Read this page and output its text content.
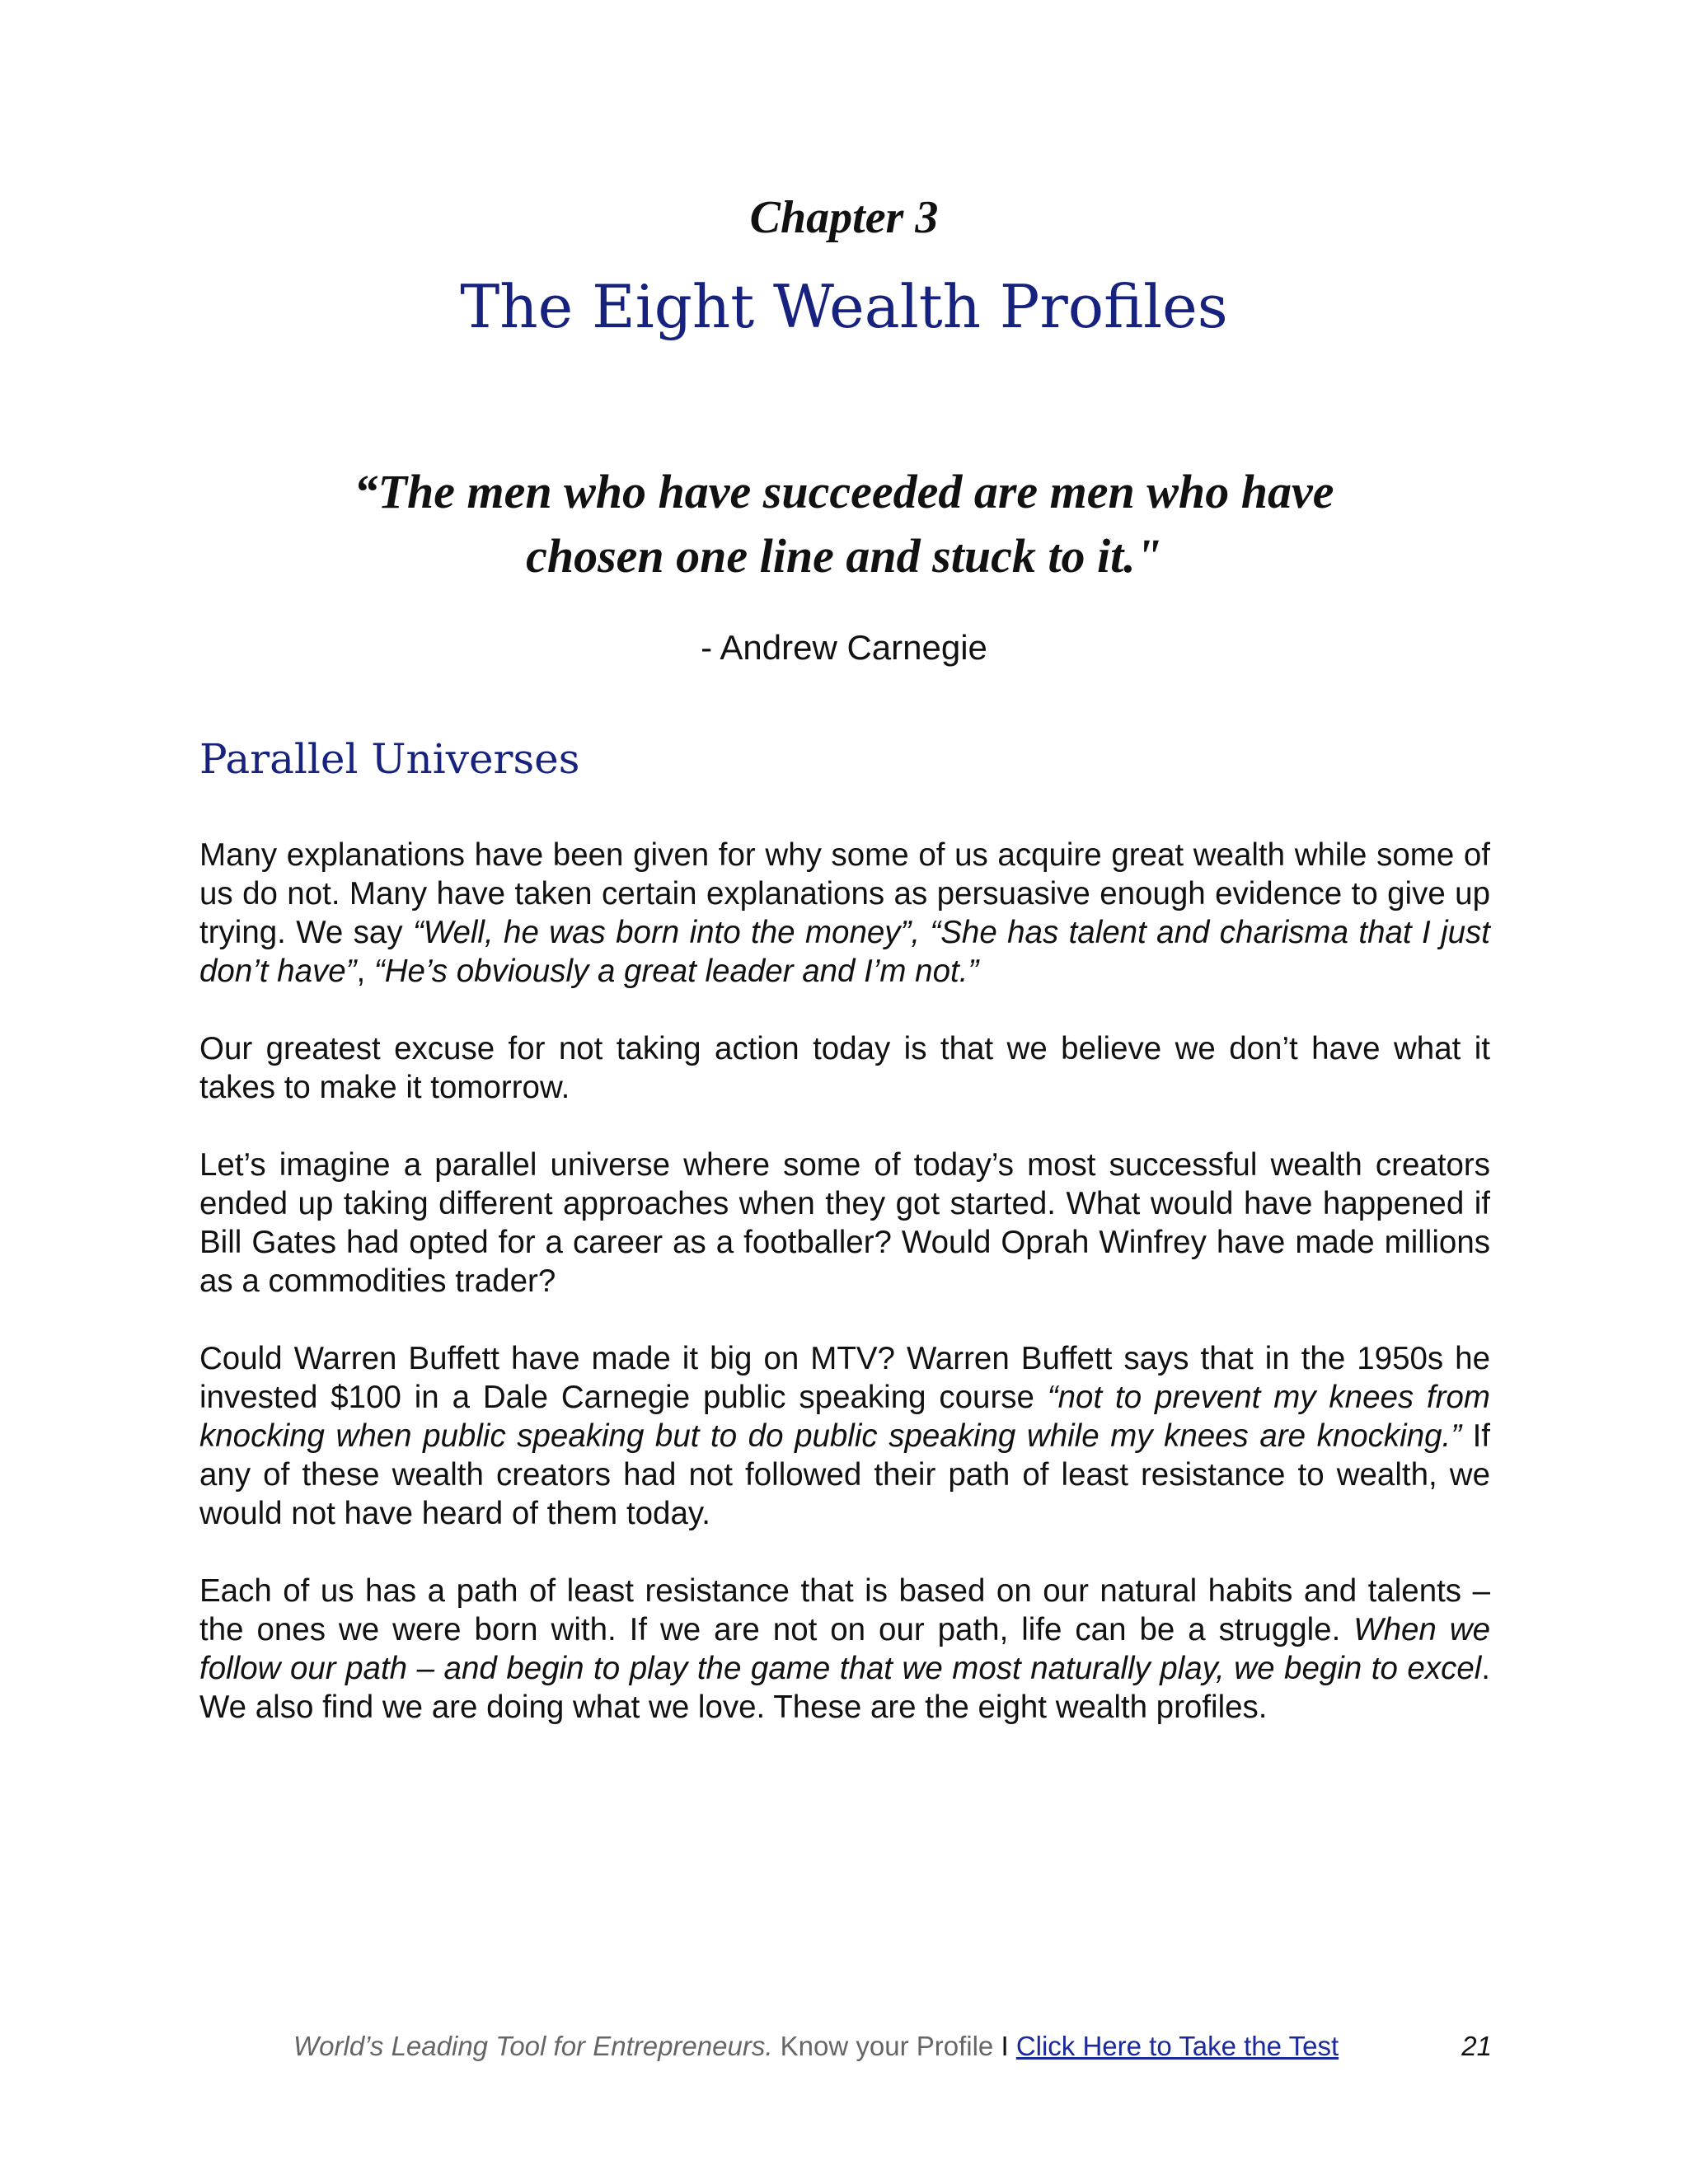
Chapter 3
The Eight Wealth Profiles
“The men who have succeeded are men who have
chosen one line and stuck to it."
- Andrew Carnegie
Parallel Universes

Many explanations have been given for why some of us acquire great wealth while some of us do not. Many have taken certain explanations as persuasive enough evidence to give up trying. We say “Well, he was born into the money”, “She has talent and charisma that I just don’t have”, “He’s obviously a great leader and I’m not.”

Our greatest excuse for not taking action today is that we believe we don’t have what it takes to make it tomorrow.

Let’s imagine a parallel universe where some of today’s most successful wealth creators ended up taking different approaches when they got started. What would have happened if Bill Gates had opted for a career as a footballer? Would Oprah Winfrey have made millions as a commodities trader?

Could Warren Buffett have made it big on MTV? Warren Buffett says that in the 1950s he invested $100 in a Dale Carnegie public speaking course “not to prevent my knees from knocking when public speaking but to do public speaking while my knees are knocking.” If any of these wealth creators had not followed their path of least resistance to wealth, we would not have heard of them today.

Each of us has a path of least resistance that is based on our natural habits and talents – the ones we were born with. If we are not on our path, life can be a struggle. When we follow our path – and begin to play the game that we most naturally play, we begin to excel. We also find we are doing what we love. These are the eight wealth profiles.

World’s Leading Tool for Entrepreneurs. Know your Profile I Click Here to Take the Test	21
